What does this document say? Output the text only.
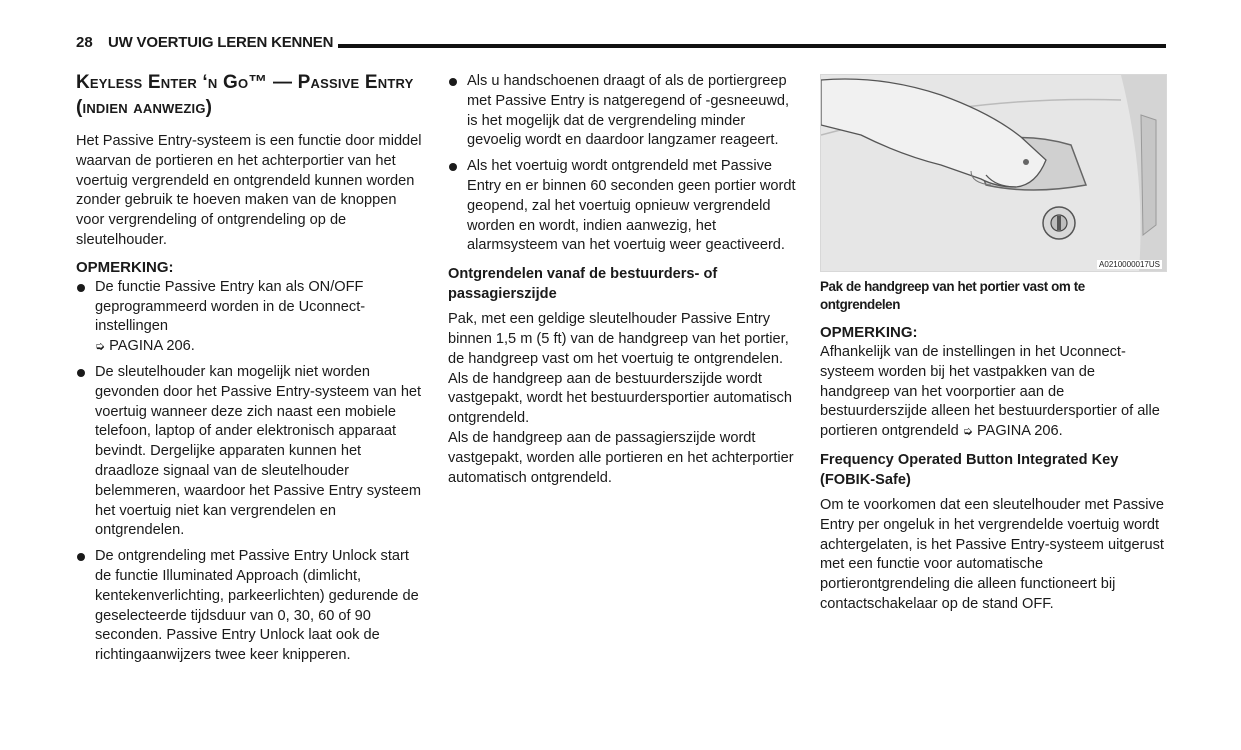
28 UW VOERTUIG LEREN KENNEN
Keyless Enter ‘n Go™ — Passive Entry (indien aanwezig)

Het Passive Entry-systeem is een functie door middel waarvan de portieren en het achterportier van het voertuig vergrendeld en ontgrendeld kunnen worden zonder gebruik te hoeven maken van de knoppen voor vergrendeling of ontgrendeling op de sleutelhouder.

OPMERKING:
De functie Passive Entry kan als ON/OFF geprogrammeerd worden in de Uconnect-instellingen
➭ PAGINA 206.
De sleutelhouder kan mogelijk niet worden gevonden door het Passive Entry-systeem van het voertuig wanneer deze zich naast een mobiele telefoon, laptop of ander elektronisch apparaat bevindt. Dergelijke apparaten kunnen het draadloze signaal van de sleutelhouder belemmeren, waardoor het Passive Entry systeem het voertuig niet kan vergrendelen en ontgrendelen.
De ontgrendeling met Passive Entry Unlock start de functie Illuminated Approach (dimlicht, kentekenverlichting, parkeerlichten) gedurende de geselecteerde tijdsduur van 0, 30, 60 of 90 seconden. Passive Entry Unlock laat ook de richtingaanwijzers twee keer knipperen.
Als u handschoenen draagt of als de portiergreep met Passive Entry is natgeregend of -gesneeuwd, is het mogelijk dat de vergrendeling minder gevoelig wordt en daardoor langzamer reageert.
Als het voertuig wordt ontgrendeld met Passive Entry en er binnen 60 seconden geen portier wordt geopend, zal het voertuig opnieuw vergrendeld worden en wordt, indien aanwezig, het alarmsysteem van het voertuig weer geactiveerd.
Ontgrendelen vanaf de bestuurders- of passagierszijde

Pak, met een geldige sleutelhouder Passive Entry binnen 1,5 m (5 ft) van de handgreep van het portier, de handgreep vast om het voertuig te ontgrendelen. Als de handgreep aan de bestuurderszijde wordt vastgepakt, wordt het bestuurdersportier automatisch ontgrendeld.

Als de handgreep aan de passagierszijde wordt vastgepakt, worden alle portieren en het achterportier automatisch ontgrendeld.

A0210000017US
Pak de handgreep van het portier vast om te ontgrendelen
OPMERKING:

Afhankelijk van de instellingen in het Uconnect-systeem worden bij het vastpakken van de handgreep van het voorportier aan de bestuurderszijde alleen het bestuurdersportier of alle portieren ontgrendeld ➭ PAGINA 206.

Frequency Operated Button Integrated Key (FOBIK-Safe)

Om te voorkomen dat een sleutelhouder met Passive Entry per ongeluk in het vergrendelde voertuig wordt achtergelaten, is het Passive Entry-systeem uitgerust met een functie voor automatische portierontgrendeling die alleen functioneert bij contactschakelaar op de stand OFF.
